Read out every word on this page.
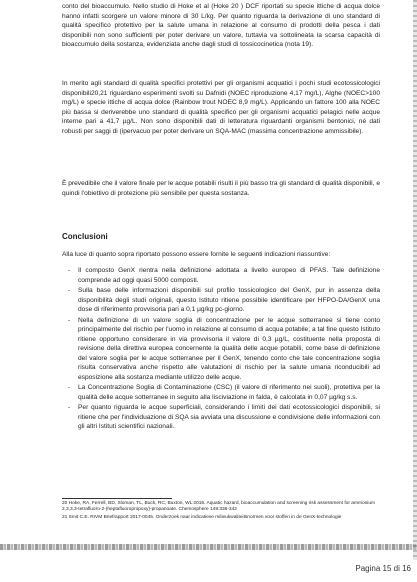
conto del bioaccumulo. Nello studio di Hoke et al (Hoke 20 ) DCF riportati su specie ittiche di acqua dolce hanno infatti scorgere un valore minore di 30 L/kg. Per quanto riguarda la derivazione di uno standard di qualità specifico protettivo per la salute umana in relazione al consumo di prodotti della pesca i dati disponibili non sono sufficienti per poter derivare un valore, tuttavia va sottolineata la scarsa capacità di bioaccumulo della sostanza, evidenziata anche dagli studi di tossicocinetica (nota 19).

In merito agli standard di qualità specifici protettivi per gli organismi acquatici i pochi studi ecotossicologici disponibili20,21 riguardano esperimenti svolti su Dafnidi (NOEC riproduzione 4,17 mg/L), Alghe (NOEC>100 mg/L) e specie ittiche di acqua dolce (Rainbow trout NOEC 8,9 mg/L). Applicando un fattore 100 alla NOEC più bassa si deriverebbe uno standard di qualità specifico per gli organismi acquatici pelagici nelle acque interne pari a 41,7 µg/L. Non sono disponibili dati di letteratura riguardanti organismi bentonici, né dati robusti per saggi di (ipervacuo per poter derivare un SQA-MAC (massima concentrazione ammissibile).

È prevedibile che il valore finale per le acque potabili risulti il più basso tra gli standard di qualità disponibili, e quindi l'obiettivo di protezione più sensibile per questa sostanza.

Conclusioni

Alla luce di quanto sopra riportato possono essere fornite le seguenti indicazioni riassuntive:

- Il composto GenX rientra nella definizione adottata a livello europeo di PFAS. Tale definizione comprende ad oggi quasi 5000 composti.
- Sulla base delle informazioni disponibili sul profilo tossicologico del GenX, pur in assenza della disponibilità degli studi originali, questo Istituto ritiene possibile identificare per HFPO-DA/GenX una dose di riferimento provvisoria pari a 0,1 µg/kg pc-giorno.
- Nella definizione di un valore soglia di concentrazione per le acque sotterranee si tiene conto principalmente del rischio per l'uomo in relazione al consumo di acqua potabile; a tal fine questo Istituto ritiene opportuno considerare in via provvisoria il valore di 0,3 µg/L, costituente nella proposta di revisione della direttiva europea concernente la qualità delle acque potabili, come base di definizione del valore soglia per le acque sotterranee per il GenX, tenendo conto che tale concentrazione soglia risulta conservativa anche rispetto alle valutazioni di rischio per la salute umana riconducibili ad esposizione alla sostanza mediante utilizzo delle acque.
- La Concentrazione Soglia di Contaminazione (CSC) (il valore di riferimento nei suoli), protettiva per la qualità delle acque sotterranee in seguito alla lisciviazione in falda, è calcolata in 0,07 µg/kg s.s.
- Per quanto riguarda le acque superficiali, considerando i limiti dei dati ecotossicologici disponibili, si ritiene che per l'individuazione di SQA sia avviata una discussione e condivisione delle informazioni con gli altri Istituti scientifici nazionali.

20 Hoke, RA, Ferrell, BD, Sloman, TL, Buck, RC, Buxton, WL 2016. Aquatic hazard, bioaccumulation and screening risk assessment for ammonium 2,3,3,3-tetrafluoro-2-(heptafluoropropoxy)-propanoate. Chemosphere 149:336-342

21 Smit C.E. RIVM Briefrapport 2017-0045. Onderzoek naar indicatieve milieukwaliteitsnormen voor stoffen in de GenX-technologie

Pagina 15 di 16
